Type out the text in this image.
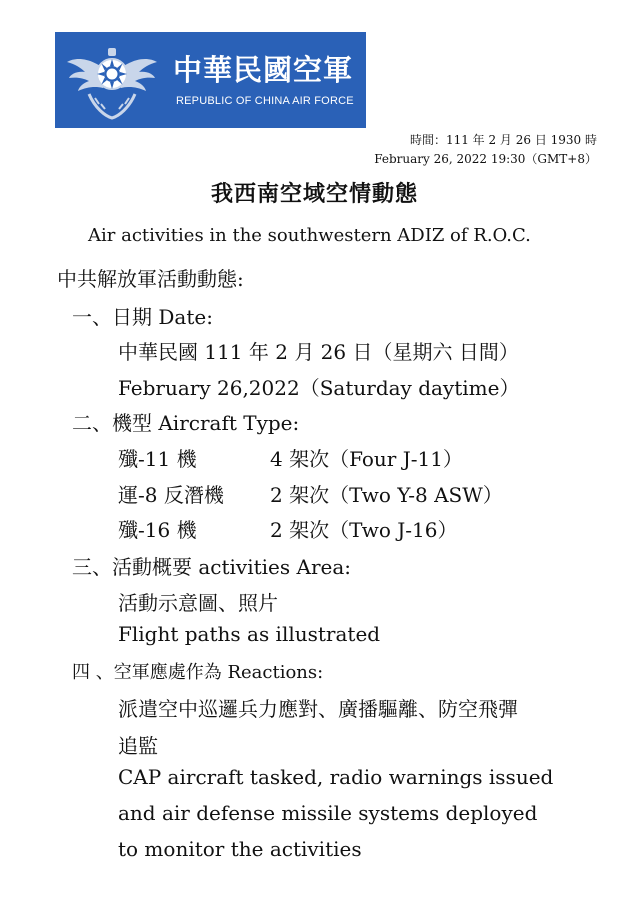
中華民國空軍
REPUBLIC OF CHINA AIR FORCE
時間：111 年 2 月 26 日 1930 時
February 26, 2022 19:30（GMT+8）
我西南空域空情動態
Air activities in the southwestern ADIZ of R.O.C.
中共解放軍活動動態:
一、日期 Date:
中華民國 111 年 2 月 26 日（星期六 日間）
February 26,2022（Saturday daytime）
二、機型 Aircraft Type:
殲-11 機	4 架次（Four J-11）
運-8 反潛機 2 架次（Two Y-8 ASW）
殲-16 機	2 架次（Two J-16）
三、活動概要 activities Area:
活動示意圖、照片
Flight paths as illustrated
四 、空軍應處作為 Reactions:
派遣空中巡邏兵力應對、廣播驅離、防空飛彈
追監
CAP aircraft tasked, radio warnings issued
and air defense missile systems deployed
to monitor the activities
